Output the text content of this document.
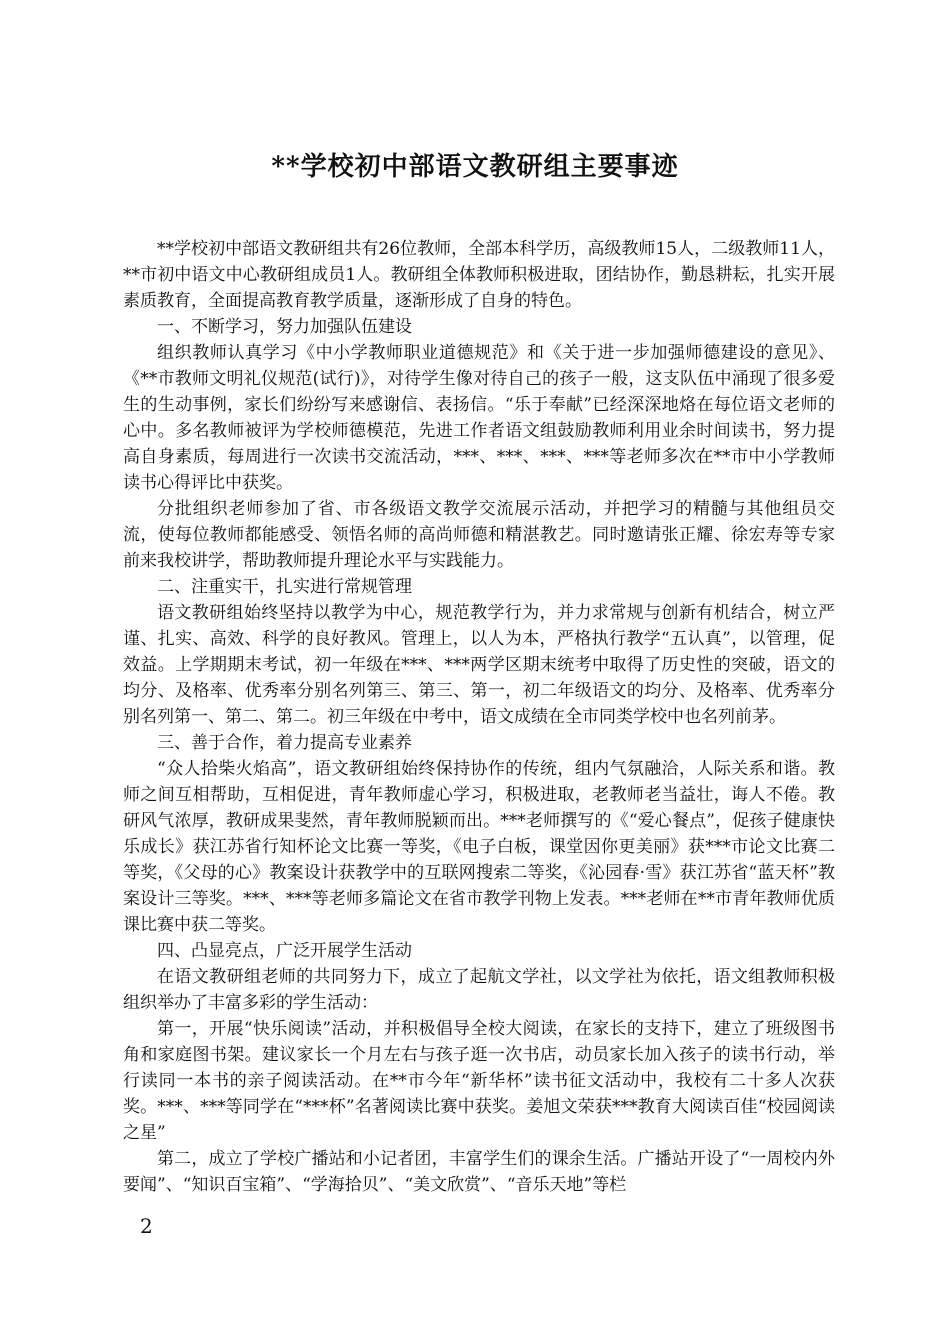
**学校初中部语文教研组主要事迹

**学校初中部语文教研组共有26位教师，全部本科学历，高级教师15人，二级教师11人，**市初中语文中心教研组成员1人。教研组全体教师积极进取，团结协作，勤恳耕耘，扎实开展素质教育，全面提高教育教学质量，逐渐形成了自身的特色。

一、不断学习，努力加强队伍建设

组织教师认真学习《中小学教师职业道德规范》和《关于进一步加强师德建设的意见》、《**市教师文明礼仪规范(试行)》，对待学生像对待自己的孩子一般，这支队伍中涌现了很多爱生的生动事例，家长们纷纷写来感谢信、表扬信。“乐于奉献”已经深深地烙在每位语文老师的心中。多名教师被评为学校师德模范，先进工作者语文组鼓励教师利用业余时间读书，努力提高自身素质，每周进行一次读书交流活动，***、***、***、***等老师多次在**市中小学教师读书心得评比中获奖。

分批组织老师参加了省、市各级语文教学交流展示活动，并把学习的精髓与其他组员交流，使每位教师都能感受、领悟名师的高尚师德和精湛教艺。同时邀请张正耀、徐宏寿等专家前来我校讲学，帮助教师提升理论水平与实践能力。

二、注重实干，扎实进行常规管理

语文教研组始终坚持以教学为中心，规范教学行为，并力求常规与创新有机结合，树立严谨、扎实、高效、科学的良好教风。管理上，以人为本，严格执行教学“五认真”，以管理，促效益。上学期期末考试，初一年级在***、***两学区期末统考中取得了历史性的突破，语文的均分、及格率、优秀率分别名列第三、第三、第一，初二年级语文的均分、及格率、优秀率分别名列第一、第二、第二。初三年级在中考中，语文成绩在全市同类学校中也名列前茅。

三、善于合作，着力提高专业素养

“众人拾柴火焰高”，语文教研组始终保持协作的传统，组内气氛融洽，人际关系和谐。教师之间互相帮助，互相促进，青年教师虚心学习，积极进取，老教师老当益壮，诲人不倦。教研风气浓厚，教研成果斐然，青年教师脱颖而出。***老师撰写的《“爱心餐点”，促孩子健康快乐成长》获江苏省行知杯论文比赛一等奖，《电子白板，课堂因你更美丽》获***市论文比赛二等奖，《父母的心》教案设计获教学中的互联网搜索二等奖，《沁园春·雪》获江苏省“蓝天杯”教案设计三等奖。***、***等老师多篇论文在省市教学刊物上发表。***老师在**市青年教师优质课比赛中获二等奖。

四、凸显亮点，广泛开展学生活动

在语文教研组老师的共同努力下，成立了起航文学社，以文学社为依托，语文组教师积极组织举办了丰富多彩的学生活动：

第一，开展“快乐阅读”活动，并积极倡导全校大阅读，在家长的支持下，建立了班级图书角和家庭图书架。建议家长一个月左右与孩子逛一次书店，动员家长加入孩子的读书行动，举行读同一本书的亲子阅读活动。在**市今年“新华杯”读书征文活动中，我校有二十多人次获奖。***、***等同学在“***杯”名著阅读比赛中获奖。姜旭文荣获***教育大阅读百佳“校园阅读之星”

第二，成立了学校广播站和小记者团，丰富学生们的课余生活。广播站开设了“一周校内外要闻”、“知识百宝箱”、“学海拾贝”、“美文欣赏”、“音乐天地”等栏

2
